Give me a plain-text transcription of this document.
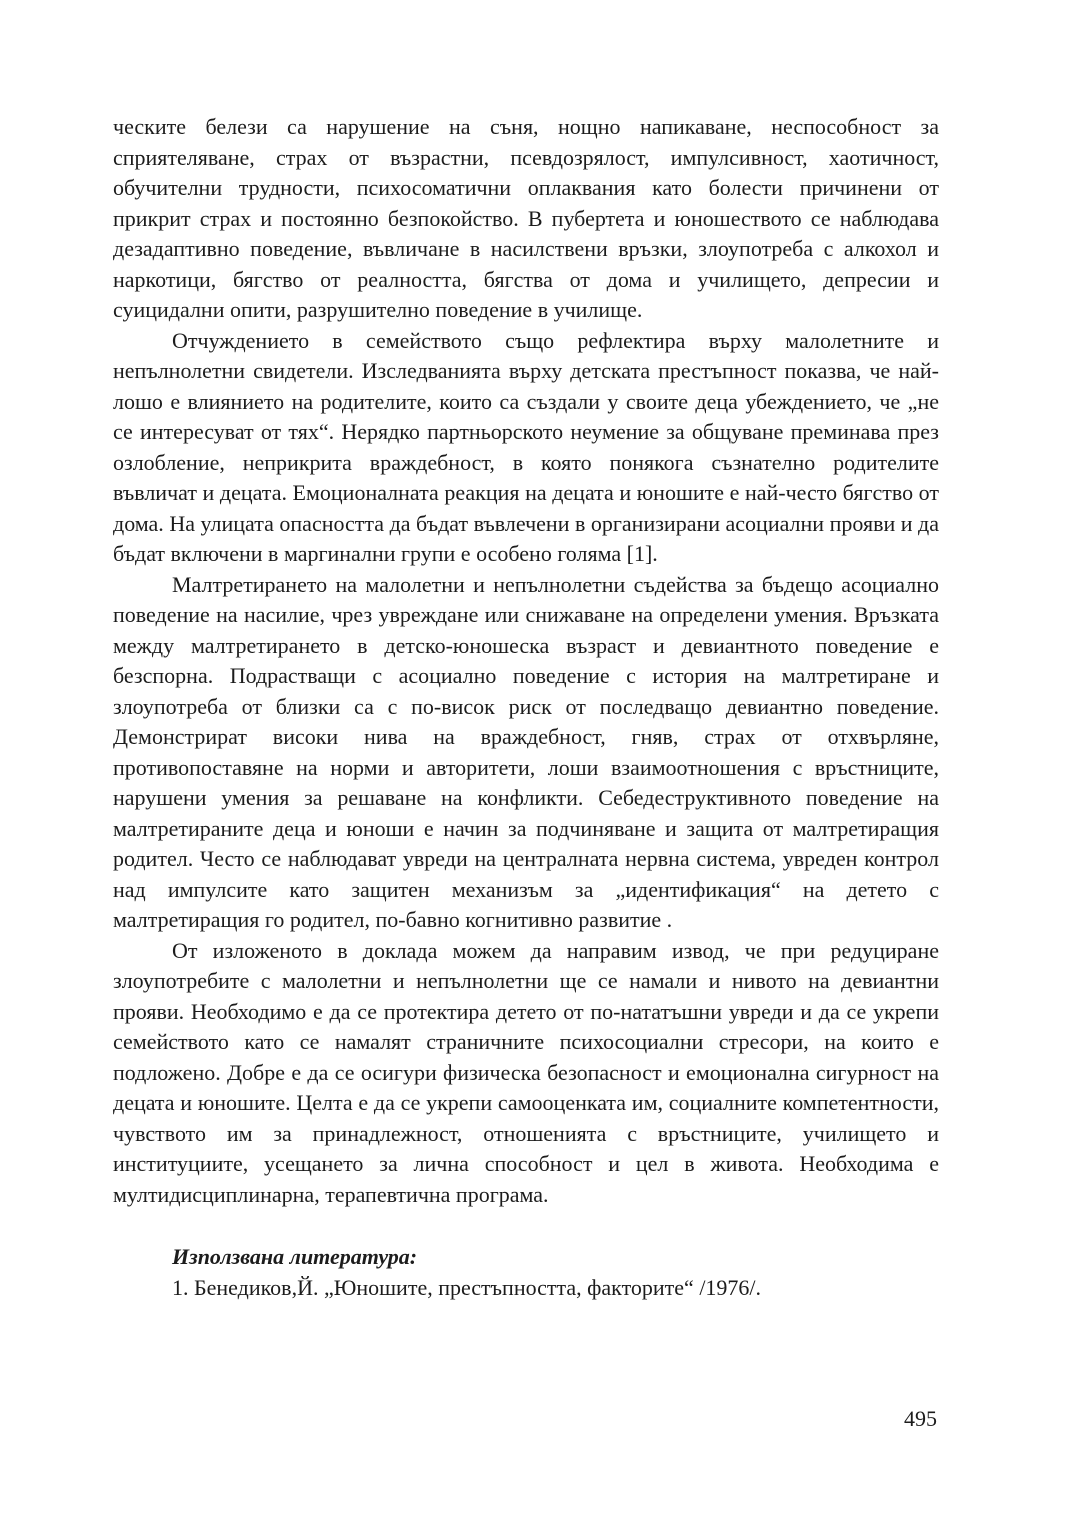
ческите белези са нарушение на съня, нощно напикаване, неспособност за сприятеляване, страх от възрастни, псевдозрялост, импулсивност, хаотичност, обучителни трудности, психосоматични оплаквания като болести причинени от прикрит страх и постоянно безпокойство. В пубертета и юношеството се наблюдава дезадаптивно поведение, въвличане в насилствени връзки, злоупотреба с алкохол и наркотици, бягство от реалността, бягства от дома и училището, депресии и суицидални опити, разрушително поведение в училище.

Отчуждението в семейството също рефлектира върху малолетните и непълнолетни свидетели. Изследванията върху детската престъпност показва, че най-лошо е влиянието на родителите, които са създали у своите деца убеждението, че „не се интересуват от тях“. Нерядко партньорското неумение за общуване преминава през озлобление, неприкрита враждебност, в която понякога съзнателно родителите въвличат и децата. Емоционалната реакция на децата и юношите е най-често бягство от дома. На улицата опасността да бъдат въвлечени в организирани асоциални прояви и да бъдат включени в маргинални групи е особено голяма [1].

Малтретирането на малолетни и непълнолетни съдейства за бъдещо асоциално поведение на насилие, чрез увреждане или снижаване на определени умения. Връзката между малтретирането в детско-юношеска възраст и девиантното поведение е безспорна. Подрастващи с асоциално поведение с история на малтретиране и злоупотреба от близки са с по-висок риск от последващо девиантно поведение. Демонстрират високи нива на враждебност, гняв, страх от отхвърляне, противопоставяне на норми и авторитети, лоши взаимоотношения с връстниците, нарушени умения за решаване на конфликти. Себедеструктивното поведение на малтретираните деца и юноши е начин за подчиняване и защита от малтретиращия родител. Често се наблюдават увреди на централната нервна система, увреден контрол над импулсите като защитен механизъм за „идентификация“ на детето с малтретиращия го родител, по-бавно когнитивно развитие .

От изложеното в доклада можем да направим извод, че при редуциране злоупотребите с малолетни и непълнолетни ще се намали и нивото на девиантни прояви. Необходимо е да се протектира детето от по-нататъшни увреди и да се укрепи семейството като се намалят страничните психосоциални стресори, на които е подложено. Добре е да се осигури физическа безопасност и емоционална сигурност на децата и юношите. Целта е да се укрепи самооценката им, социалните компетентности, чувството им за принадлежност, отношенията с връстниците, училището и институциите, усещането за лична способност и цел в живота. Необходима е мултидисциплинарна, терапевтична програма.

Използвана литература:

1. Бенедиков,Й. „Юношите, престъпността, факторите“ /1976/.

495
